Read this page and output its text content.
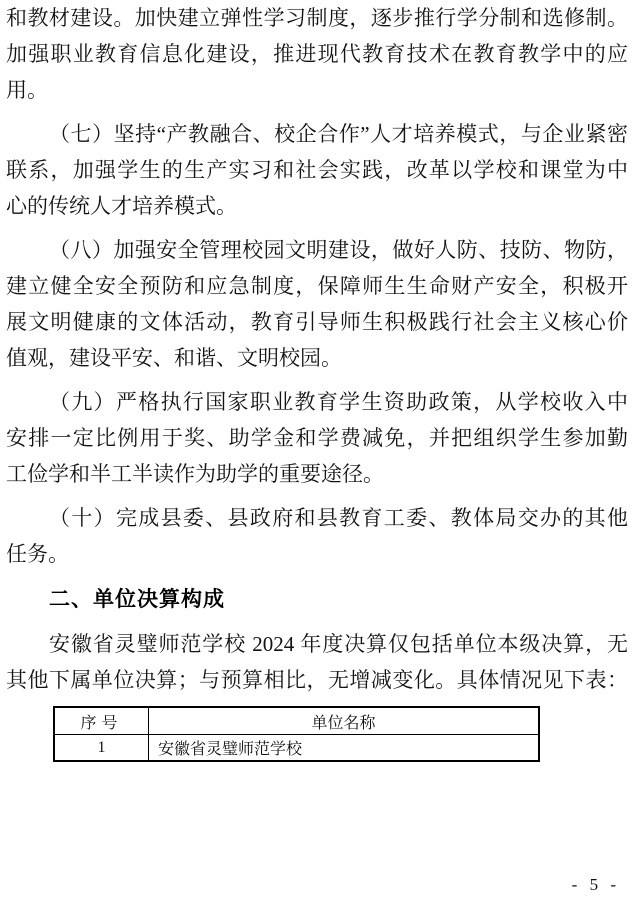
和教材建设。加快建立弹性学习制度，逐步推行学分制和选修制。
加强职业教育信息化建设，推进现代教育技术在教育教学中的应
用。
（七）坚持“产教融合、校企合作”人才培养模式，与企业紧密
联系，加强学生的生产实习和社会实践，改革以学校和课堂为中
心的传统人才培养模式。
（八）加强安全管理校园文明建设，做好人防、技防、物防，
建立健全安全预防和应急制度，保障师生生命财产安全，积极开
展文明健康的文体活动，教育引导师生积极践行社会主义核心价
值观，建设平安、和谐、文明校园。
（九）严格执行国家职业教育学生资助政策，从学校收入中
安排一定比例用于奖、助学金和学费减免，并把组织学生参加勤
工俭学和半工半读作为助学的重要途径。
（十）完成县委、县政府和县教育工委、教体局交办的其他
任务。
二、单位决算构成
安徽省灵璧师范学校 2024 年度决算仅包括单位本级决算，无
其他下属单位决算；与预算相比，无增减变化。具体情况见下表：
序号	单位名称
1	安徽省灵璧师范学校
- 5 -
